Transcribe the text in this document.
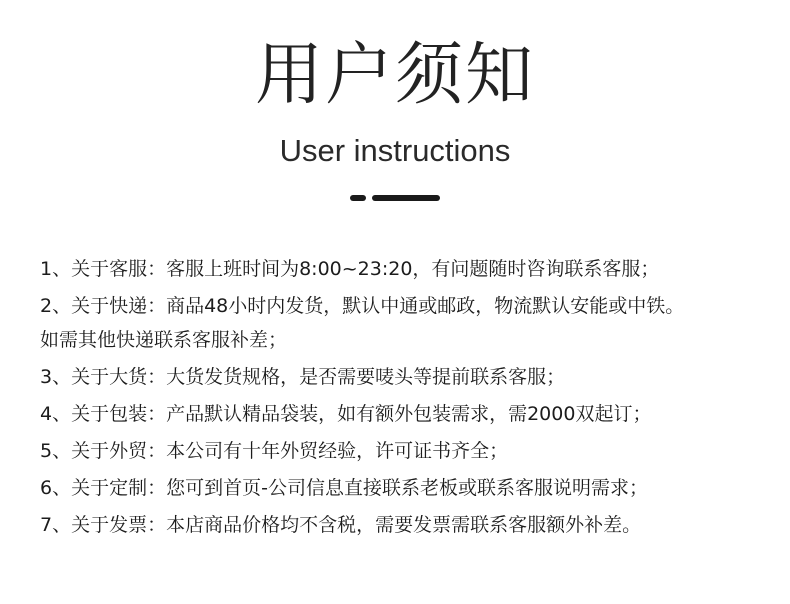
用户须知
User instructions
1、关于客服：客服上班时间为8:00~23:20，有问题随时咨询联系客服；
2、关于快递：商品48小时内发货，默认中通或邮政，物流默认安能或中铁。
如需其他快递联系客服补差；
3、关于大货：大货发货规格，是否需要唛头等提前联系客服；
4、关于包装：产品默认精品袋装，如有额外包装需求，需2000双起订；
5、关于外贸：本公司有十年外贸经验，许可证书齐全；
6、关于定制：您可到首页-公司信息直接联系老板或联系客服说明需求；
7、关于发票：本店商品价格均不含税，需要发票需联系客服额外补差。
